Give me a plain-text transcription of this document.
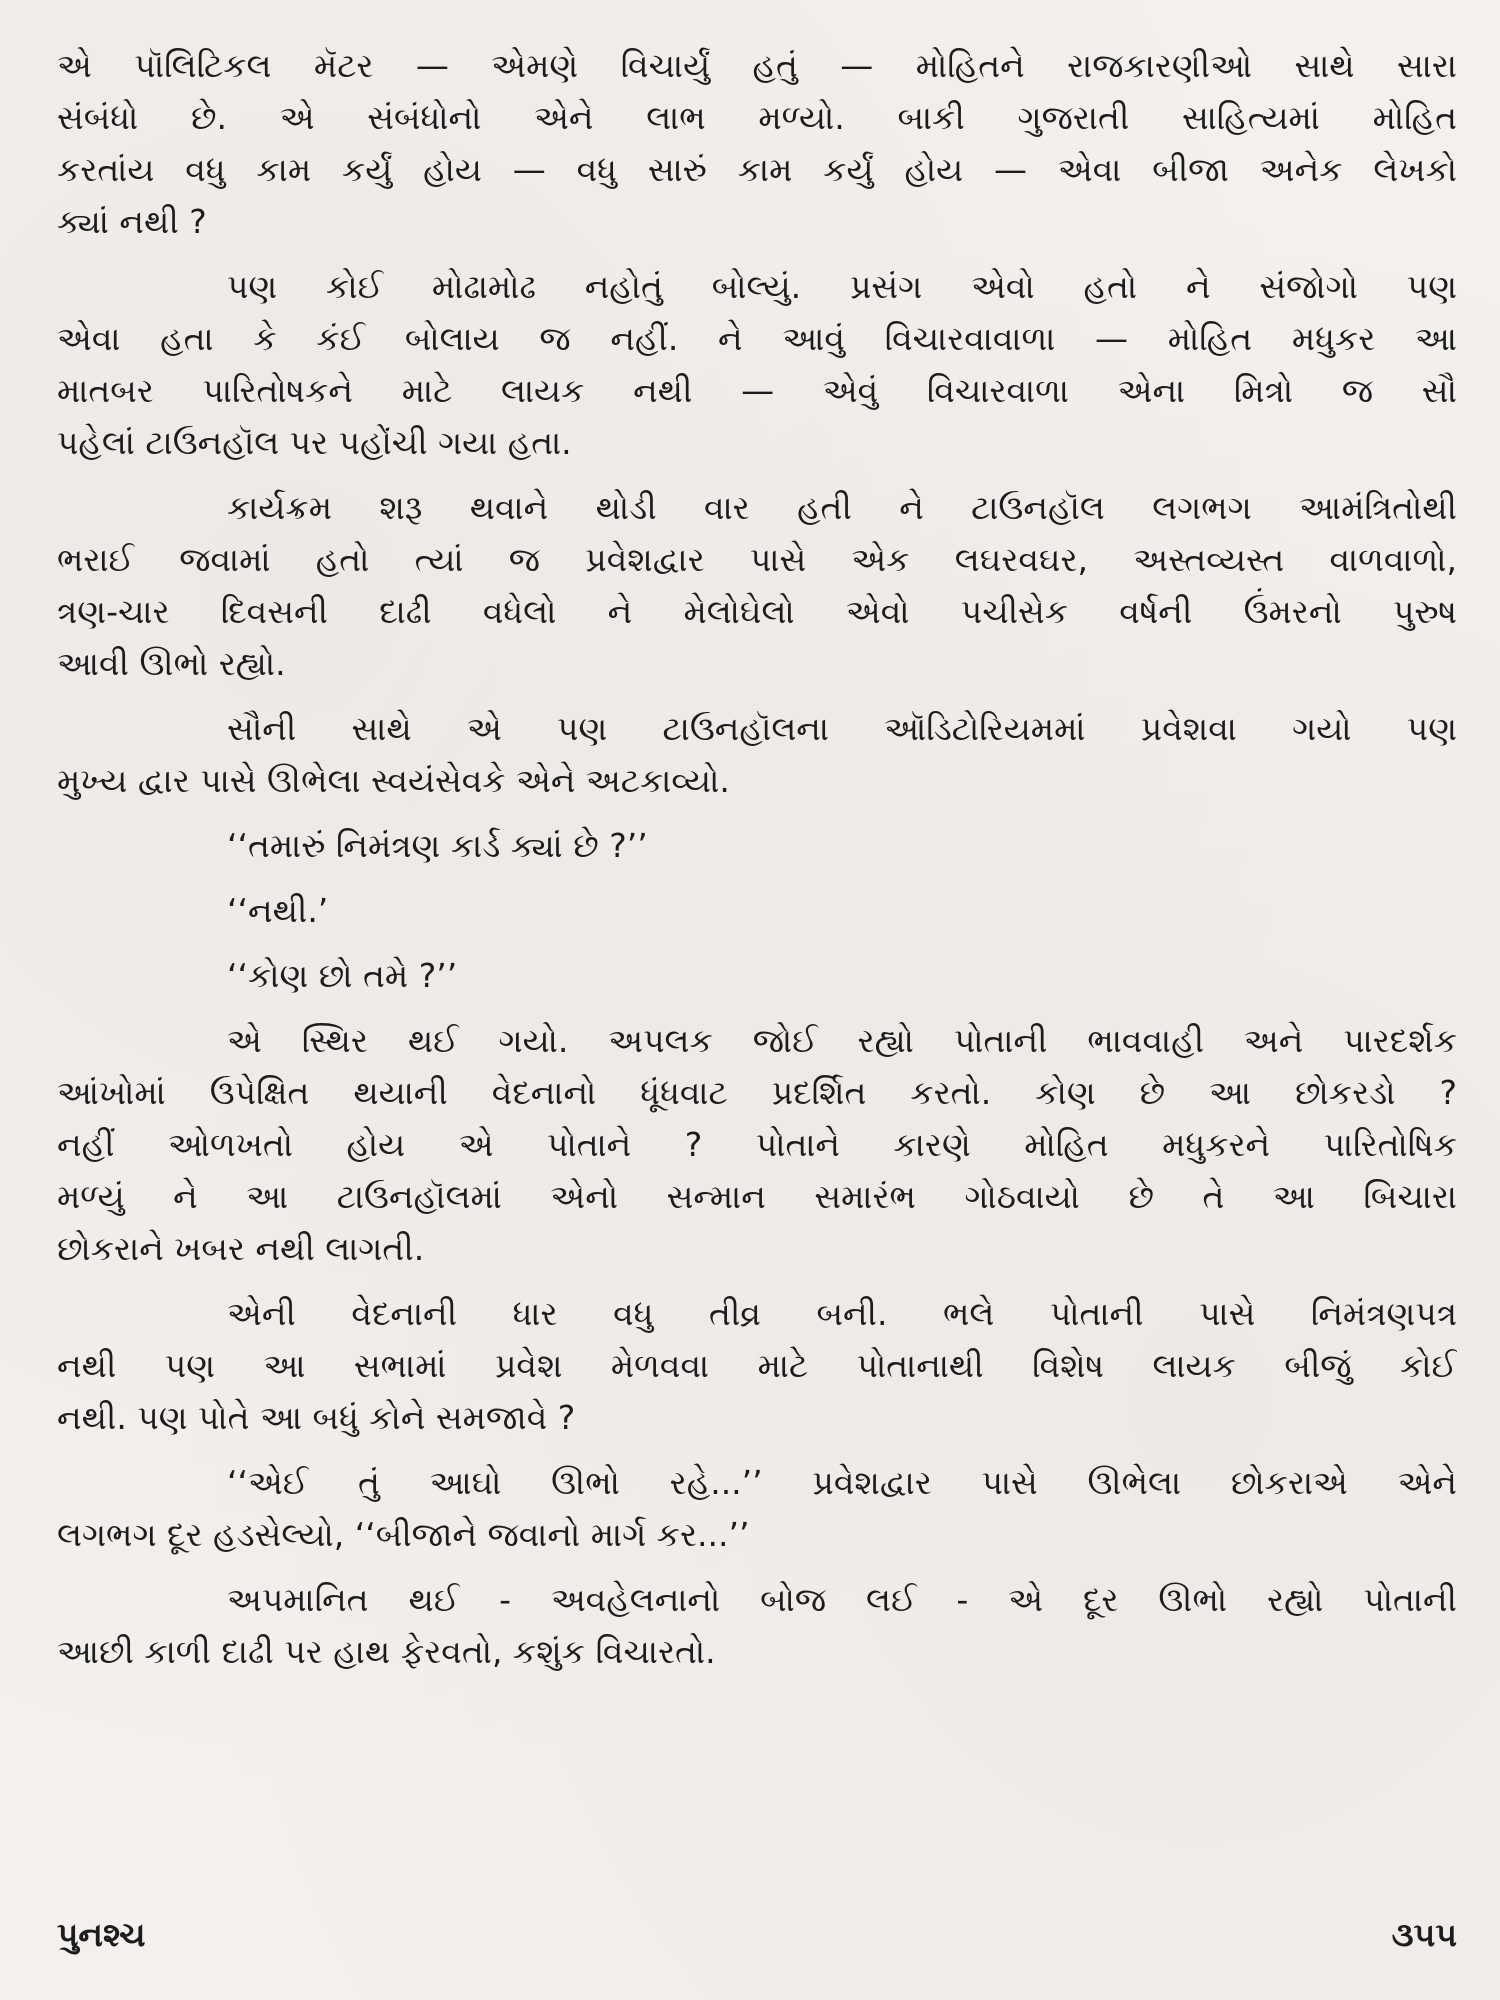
એ પૉલિટિકલ મૅટર — એમણે વિચાર્યું હતું — મોહિતને રાજકારણીઓ સાથે સારા
સંબંધો છે. એ સંબંધોનો એને લાભ મળ્યો. બાકી ગુજરાતી સાહિત્યમાં મોહિત
કરતાંય વધુ કામ કર્યું હોય — વધુ સારું કામ કર્યું હોય — એવા બીજા અનેક લેખકો
ક્યાં નથી ?
પણ કોઈ મોઢામોઢ નહોતું બોલ્યું. પ્રસંગ એવો હતો ને સંજોગો પણ
એવા હતા કે કંઈ બોલાય જ નહીં. ને આવું વિચારવાવાળા — મોહિત મધુકર આ
માતબર પારિતોષકને માટે લાયક નથી — એવું વિચારવાળા એના મિત્રો જ સૌ
પહેલાં ટાઉનહૉલ પર પહોંચી ગયા હતા.
કાર્યક્રમ શરૂ થવાને થોડી વાર હતી ને ટાઉનહૉલ લગભગ આમંત્રિતોથી
ભરાઈ જવામાં હતો ત્યાં જ પ્રવેશદ્વાર પાસે એક લઘરવઘર, અસ્તવ્યસ્ત વાળવાળો,
ત્રણ-ચાર દિવસની દાઢી વધેલો ને મેલોઘેલો એવો પચીસેક વર્ષની ઉંમરનો પુરુષ
આવી ઊભો રહ્યો.
સૌની સાથે એ પણ ટાઉનહૉલના ઑડિટોરિયમમાં પ્રવેશવા ગયો પણ
મુખ્ય દ્વાર પાસે ઊભેલા સ્વયંસેવકે એને અટકાવ્યો.
‘‘તમારું નિમંત્રણ કાર્ડ ક્યાં છે ?’’
‘‘નથી.’
‘‘કોણ છો તમે ?’’
એ સ્થિર થઈ ગયો. અપલક જોઈ રહ્યો પોતાની ભાવવાહી અને પારદર્શક
આંખોમાં ઉપેક્ષિત થયાની વેદનાનો ધૂંધવાટ પ્રદર્શિત કરતો. કોણ છે આ છોકરડો ?
નહીં ઓળખતો હોય એ પોતાને ? પોતાને કારણે મોહિત મધુકરને પારિતોષિક
મળ્યું ને આ ટાઉનહૉલમાં એનો સન્માન સમારંભ ગોઠવાયો છે તે આ બિચારા
છોકરાને ખબર નથી લાગતી.
એની વેદનાની ધાર વધુ તીવ્ર બની. ભલે પોતાની પાસે નિમંત્રણપત્ર
નથી પણ આ સભામાં પ્રવેશ મેળવવા માટે પોતાનાથી વિશેષ લાયક બીજું કોઈ
નથી. પણ પોતે આ બધું કોને સમજાવે ?
‘‘એઈ તું આઘો ઊભો રહે...’’ પ્રવેશદ્વાર પાસે ઊભેલા છોકરાએ એને
લગભગ દૂર હડસેલ્યો, ‘‘બીજાને જવાનો માર્ગ કર...’’
અપમાનિત થઈ - અવહેલનાનો બોજ લઈ - એ દૂર ઊભો રહ્યો પોતાની
આછી કાળી દાઢી પર હાથ ફેરવતો, કશુંક વિચારતો.
પુનશ્ચ	૩૫૫
